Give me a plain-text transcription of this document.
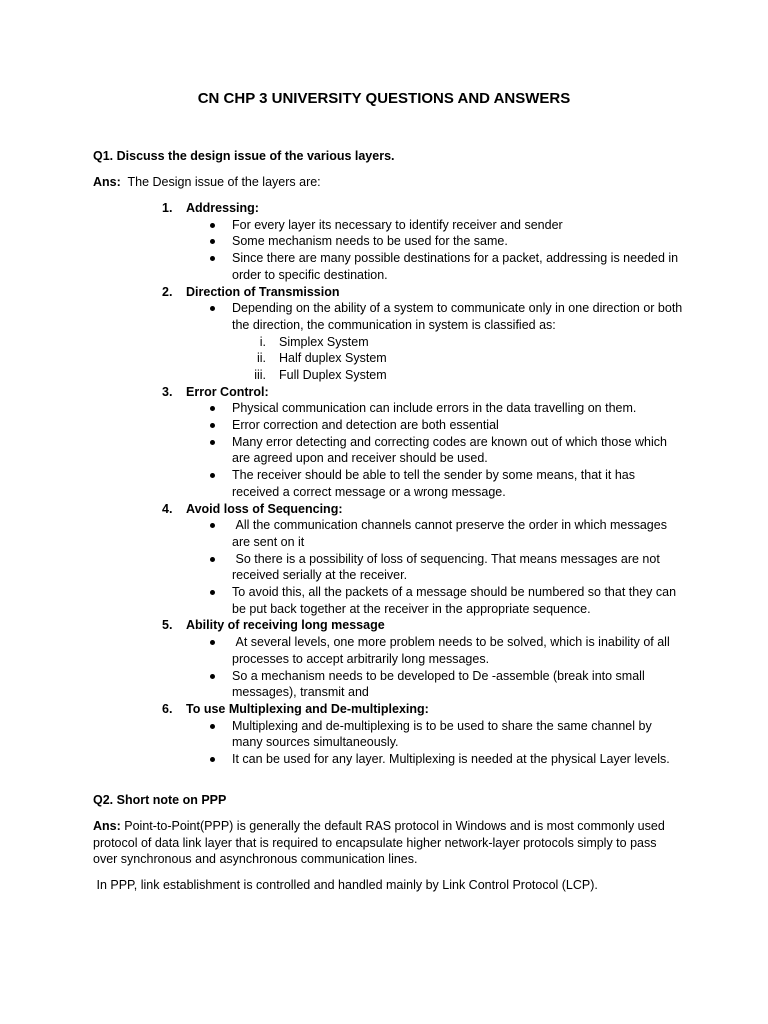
CN CHP 3 UNIVERSITY QUESTIONS AND ANSWERS
Q1. Discuss the design issue of the various layers.
Ans:  The Design issue of the layers are:
1.	Addressing:
For every layer its necessary to identify receiver and sender
Some mechanism needs to be used for the same.
Since there are many possible destinations for a packet, addressing is needed in order to specific destination.
2.	Direction of Transmission
Depending on the ability of a system to communicate only in one direction or both the direction, the communication in system is classified as:
i. Simplex System
ii. Half duplex System
iii. Full Duplex System
3.	Error Control:
Physical communication can include errors in the data travelling on them.
Error correction and detection are both essential
Many error detecting and correcting codes are known out of which those which are agreed upon and receiver should be used.
The receiver should be able to tell the sender by some means, that it has received a correct message or a wrong message.
4.	Avoid loss of Sequencing:
All the communication channels cannot preserve the order in which messages are sent on it
So there is a possibility of loss of sequencing. That means messages are not received serially at the receiver.
To avoid this, all the packets of a message should be numbered so that they can be put back together at the receiver in the appropriate sequence.
5.	Ability of receiving long message
At several levels, one more problem needs to be solved, which is inability of all processes to accept arbitrarily long messages.
So a mechanism needs to be developed to De -assemble (break into small messages), transmit and
6.	To use Multiplexing and De-multiplexing:
Multiplexing and de-multiplexing is to be used to share the same channel by many sources simultaneously.
It can be used for any layer. Multiplexing is needed at the physical Layer levels.
Q2. Short note on PPP
Ans: Point-to-Point(PPP) is generally the default RAS protocol in Windows and is most commonly used protocol of data link layer that is required to encapsulate higher network-layer protocols simply to pass over synchronous and asynchronous communication lines.
In PPP, link establishment is controlled and handled mainly by Link Control Protocol (LCP).
